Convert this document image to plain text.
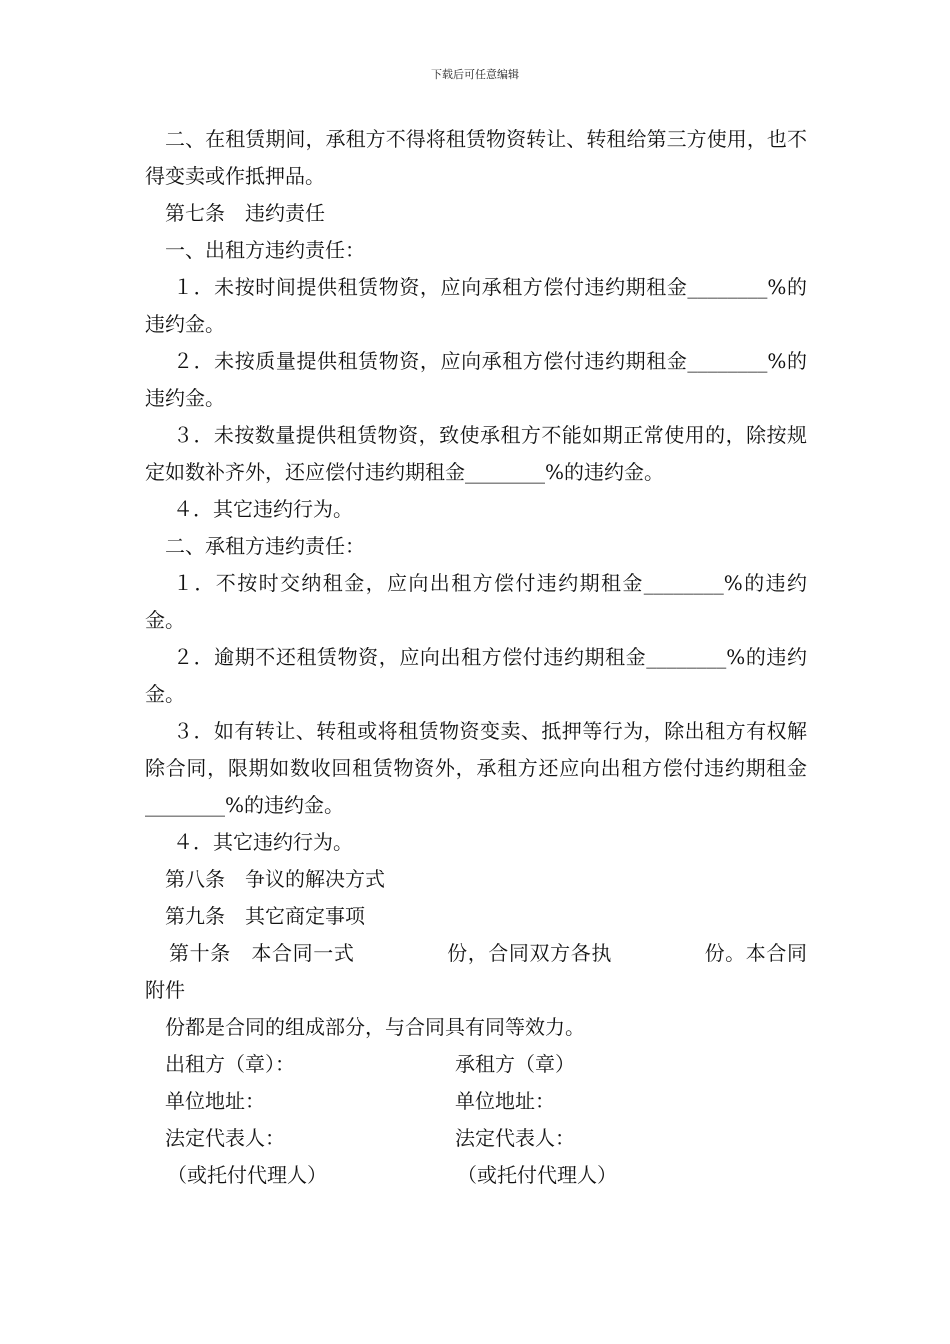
下载后可任意编辑

二、在租赁期间，承租方不得将租赁物资转让、转租给第三方使用，也不得变卖或作抵押品。

第七条　违约责任

一、出租方违约责任：

１．未按时间提供租赁物资，应向承租方偿付违约期租金________%的违约金。

２．未按质量提供租赁物资，应向承租方偿付违约期租金________%的违约金。

３．未按数量提供租赁物资，致使承租方不能如期正常使用的，除按规定如数补齐外，还应偿付违约期租金________%的违约金。

４．其它违约行为。

二、承租方违约责任：

１．不按时交纳租金，应向出租方偿付违约期租金________%的违约金。

２．逾期不还租赁物资，应向出租方偿付违约期租金________%的违约金。

３．如有转让、转租或将租赁物资变卖、抵押等行为，除出租方有权解除合同，限期如数收回租赁物资外，承租方还应向出租方偿付违约期租金________%的违约金。

４．其它违约行为。

第八条　争议的解决方式

第九条　其它商定事项

第十条　本合同一式	份，合同双方各执	份。本合同附件

份都是合同的组成部分，与合同具有同等效力。

出租方（章）：	承租方（章）
单位地址：	单位地址：
法定代表人：	法定代表人：
（或托付代理人）	（或托付代理人）
